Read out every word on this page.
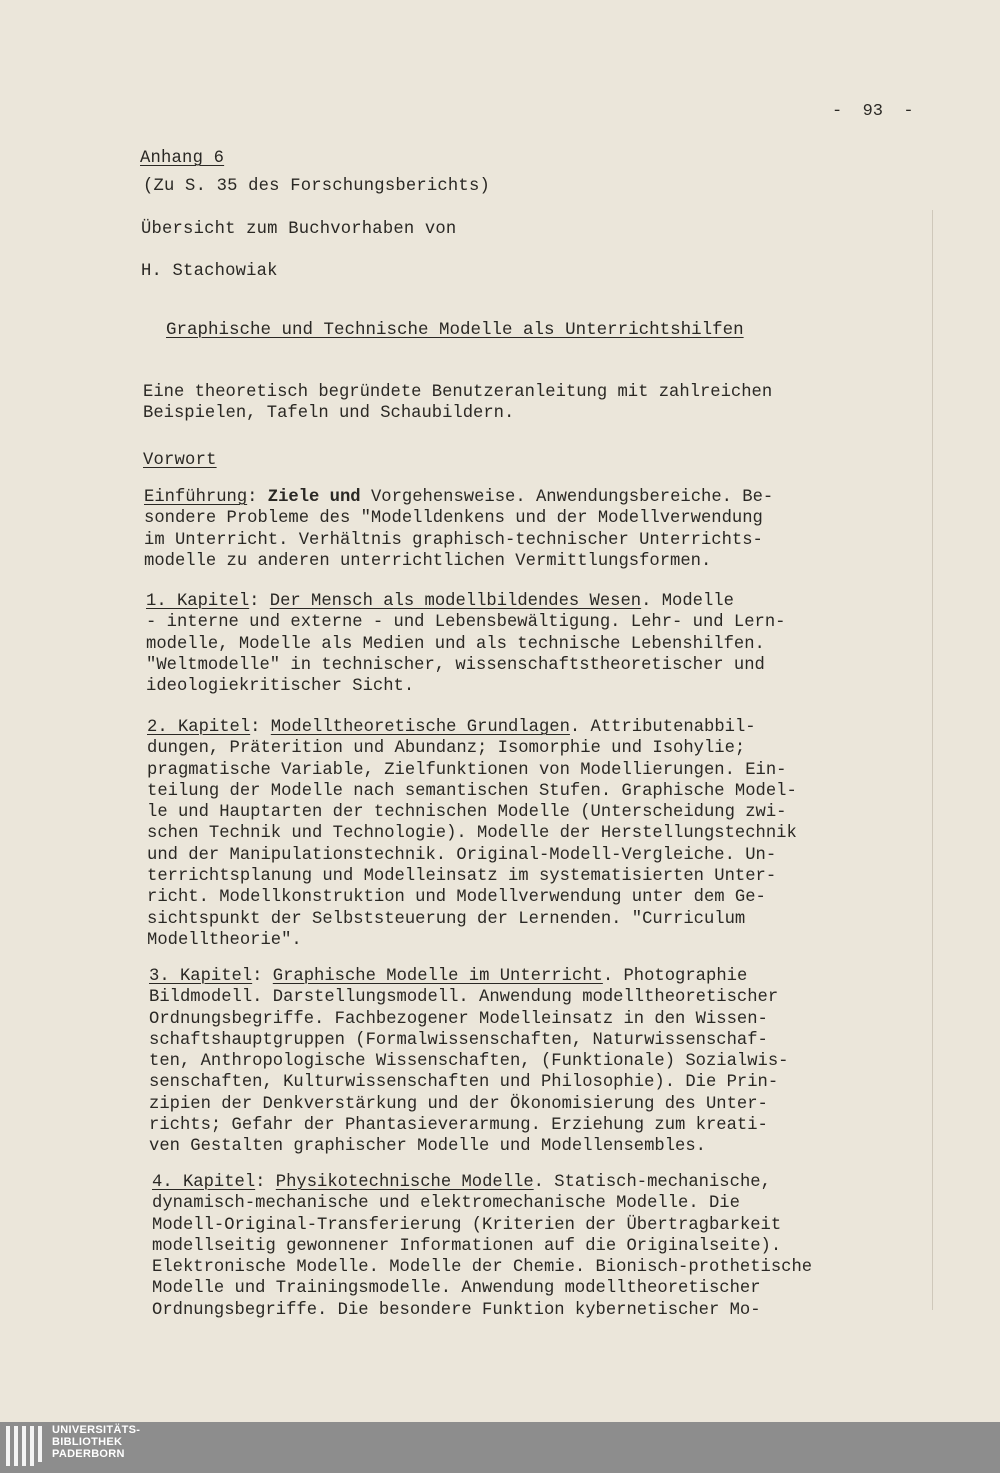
-  93  -
Anhang 6
(Zu S. 35 des Forschungsberichts)
Übersicht zum Buchvorhaben von
H. Stachowiak
Graphische und Technische Modelle als Unterrichtshilfen
Eine theoretisch begründete Benutzeranleitung mit zahlreichen
Beispielen, Tafeln und Schaubildern.
Vorwort
Einführung: Ziele und Vorgehensweise. Anwendungsbereiche. Be-
sondere Probleme des "Modelldenkens und der Modellverwendung
im Unterricht. Verhältnis graphisch-technischer Unterrichts-
modelle zu anderen unterrichtlichen Vermittlungsformen.
1. Kapitel: Der Mensch als modellbildendes Wesen. Modelle
- interne und externe - und Lebensbewältigung. Lehr- und Lern-
modelle, Modelle als Medien und als technische Lebenshilfen.
"Weltmodelle" in technischer, wissenschaftstheoretischer und
ideologiekritischer Sicht.
2. Kapitel: Modelltheoretische Grundlagen. Attributenabbil-
dungen, Präterition und Abundanz; Isomorphie und Isohylie;
pragmatische Variable, Zielfunktionen von Modellierungen. Ein-
teilung der Modelle nach semantischen Stufen. Graphische Model-
le und Hauptarten der technischen Modelle (Unterscheidung zwi-
schen Technik und Technologie). Modelle der Herstellungstechnik
und der Manipulationstechnik. Original-Modell-Vergleiche. Un-
terrichtsplanung und Modelleinsatz im systematisierten Unter-
richt. Modellkonstruktion und Modellverwendung unter dem Ge-
sichtspunkt der Selbststeuerung der Lernenden. "Curriculum
Modelltheorie".
3. Kapitel: Graphische Modelle im Unterricht. Photographie
Bildmodell. Darstellungsmodell. Anwendung modelltheoretischer
Ordnungsbegriffe. Fachbezogener Modelleinsatz in den Wissen-
schaftshauptgruppen (Formalwissenschaften, Naturwissenschaf-
ten, Anthropologische Wissenschaften, (Funktionale) Sozialwis-
senschaften, Kulturwissenschaften und Philosophie). Die Prin-
zipien der Denkverstärkung und der Ökonomisierung des Unter-
richts; Gefahr der Phantasieverarmung. Erziehung zum kreati-
ven Gestalten graphischer Modelle und Modellensembles.
4. Kapitel: Physikotechnische Modelle. Statisch-mechanische,
dynamisch-mechanische und elektromechanische Modelle. Die
Modell-Original-Transferierung (Kriterien der Übertragbarkeit
modellseitig gewonnener Informationen auf die Originalseite).
Elektronische Modelle. Modelle der Chemie. Bionisch-prothetische
Modelle und Trainingsmodelle. Anwendung modelltheoretischer
Ordnungsbegriffe. Die besondere Funktion kybernetischer Mo-
UNIVERSITÄTS-
BIBLIOTHEK
PADERBORN
